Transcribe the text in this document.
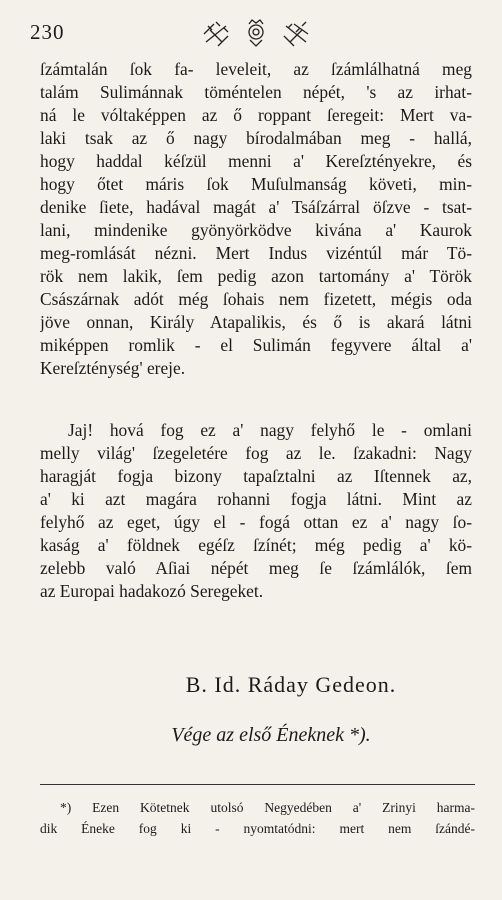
230
ſzámtalán ſok fa- leveleit, az ſzámlálhatná meg
talám Sulimánnak töméntelen népét, 's az irhat-
ná le vóltaképpen az ő roppant ſeregeit: Mert va-
laki tsak az ő nagy bírodalmában meg - hallá,
hogy haddal kéſzül menni a' Kereſztényekre, és
hogy őtet máris ſok Muſulmanság követi, min-
denike ſiete, hadával magát a' Tsáſzárral öſzve - tsat-
lani, mindenike gyönyörködve kivána a' Kaurok
meg-romlását nézni. Mert Indus vizéntúl már Tö-
rök nem lakik, ſem pedig azon tartomány a' Török
Császárnak adót még ſohais nem fizetett, mégis oda
jöve onnan, Király Atapalikis, és ő is akará látni
miképpen romlik - el Sulimán fegyvere által a'
Kereſzténység' ereje.
Jaj! hová fog ez a' nagy felyhő le - omlani
melly világ' ſzegeletére fog az le. ſzakadni: Nagy
haragját fogja bizony tapaſztalni az Iſtennek az,
a' ki azt magára rohanni fogja látni. Mint az
felyhő az eget, úgy el - fogá ottan ez a' nagy ſo-
kaság a' földnek egéſz ſzínét; még pedig a' kö-
zelebb való Aſiai népét meg ſe ſzámlálók, ſem
az Europai hadakozó Seregeket.
B. Id. Ráday Gedeon.
Vége az első Éneknek *).
*) Ezen Kötetnek utolsó Negyedében a' Zrinyi harma-
dik Éneke fog ki - nyomtatódni: mert nem ſzándé-
